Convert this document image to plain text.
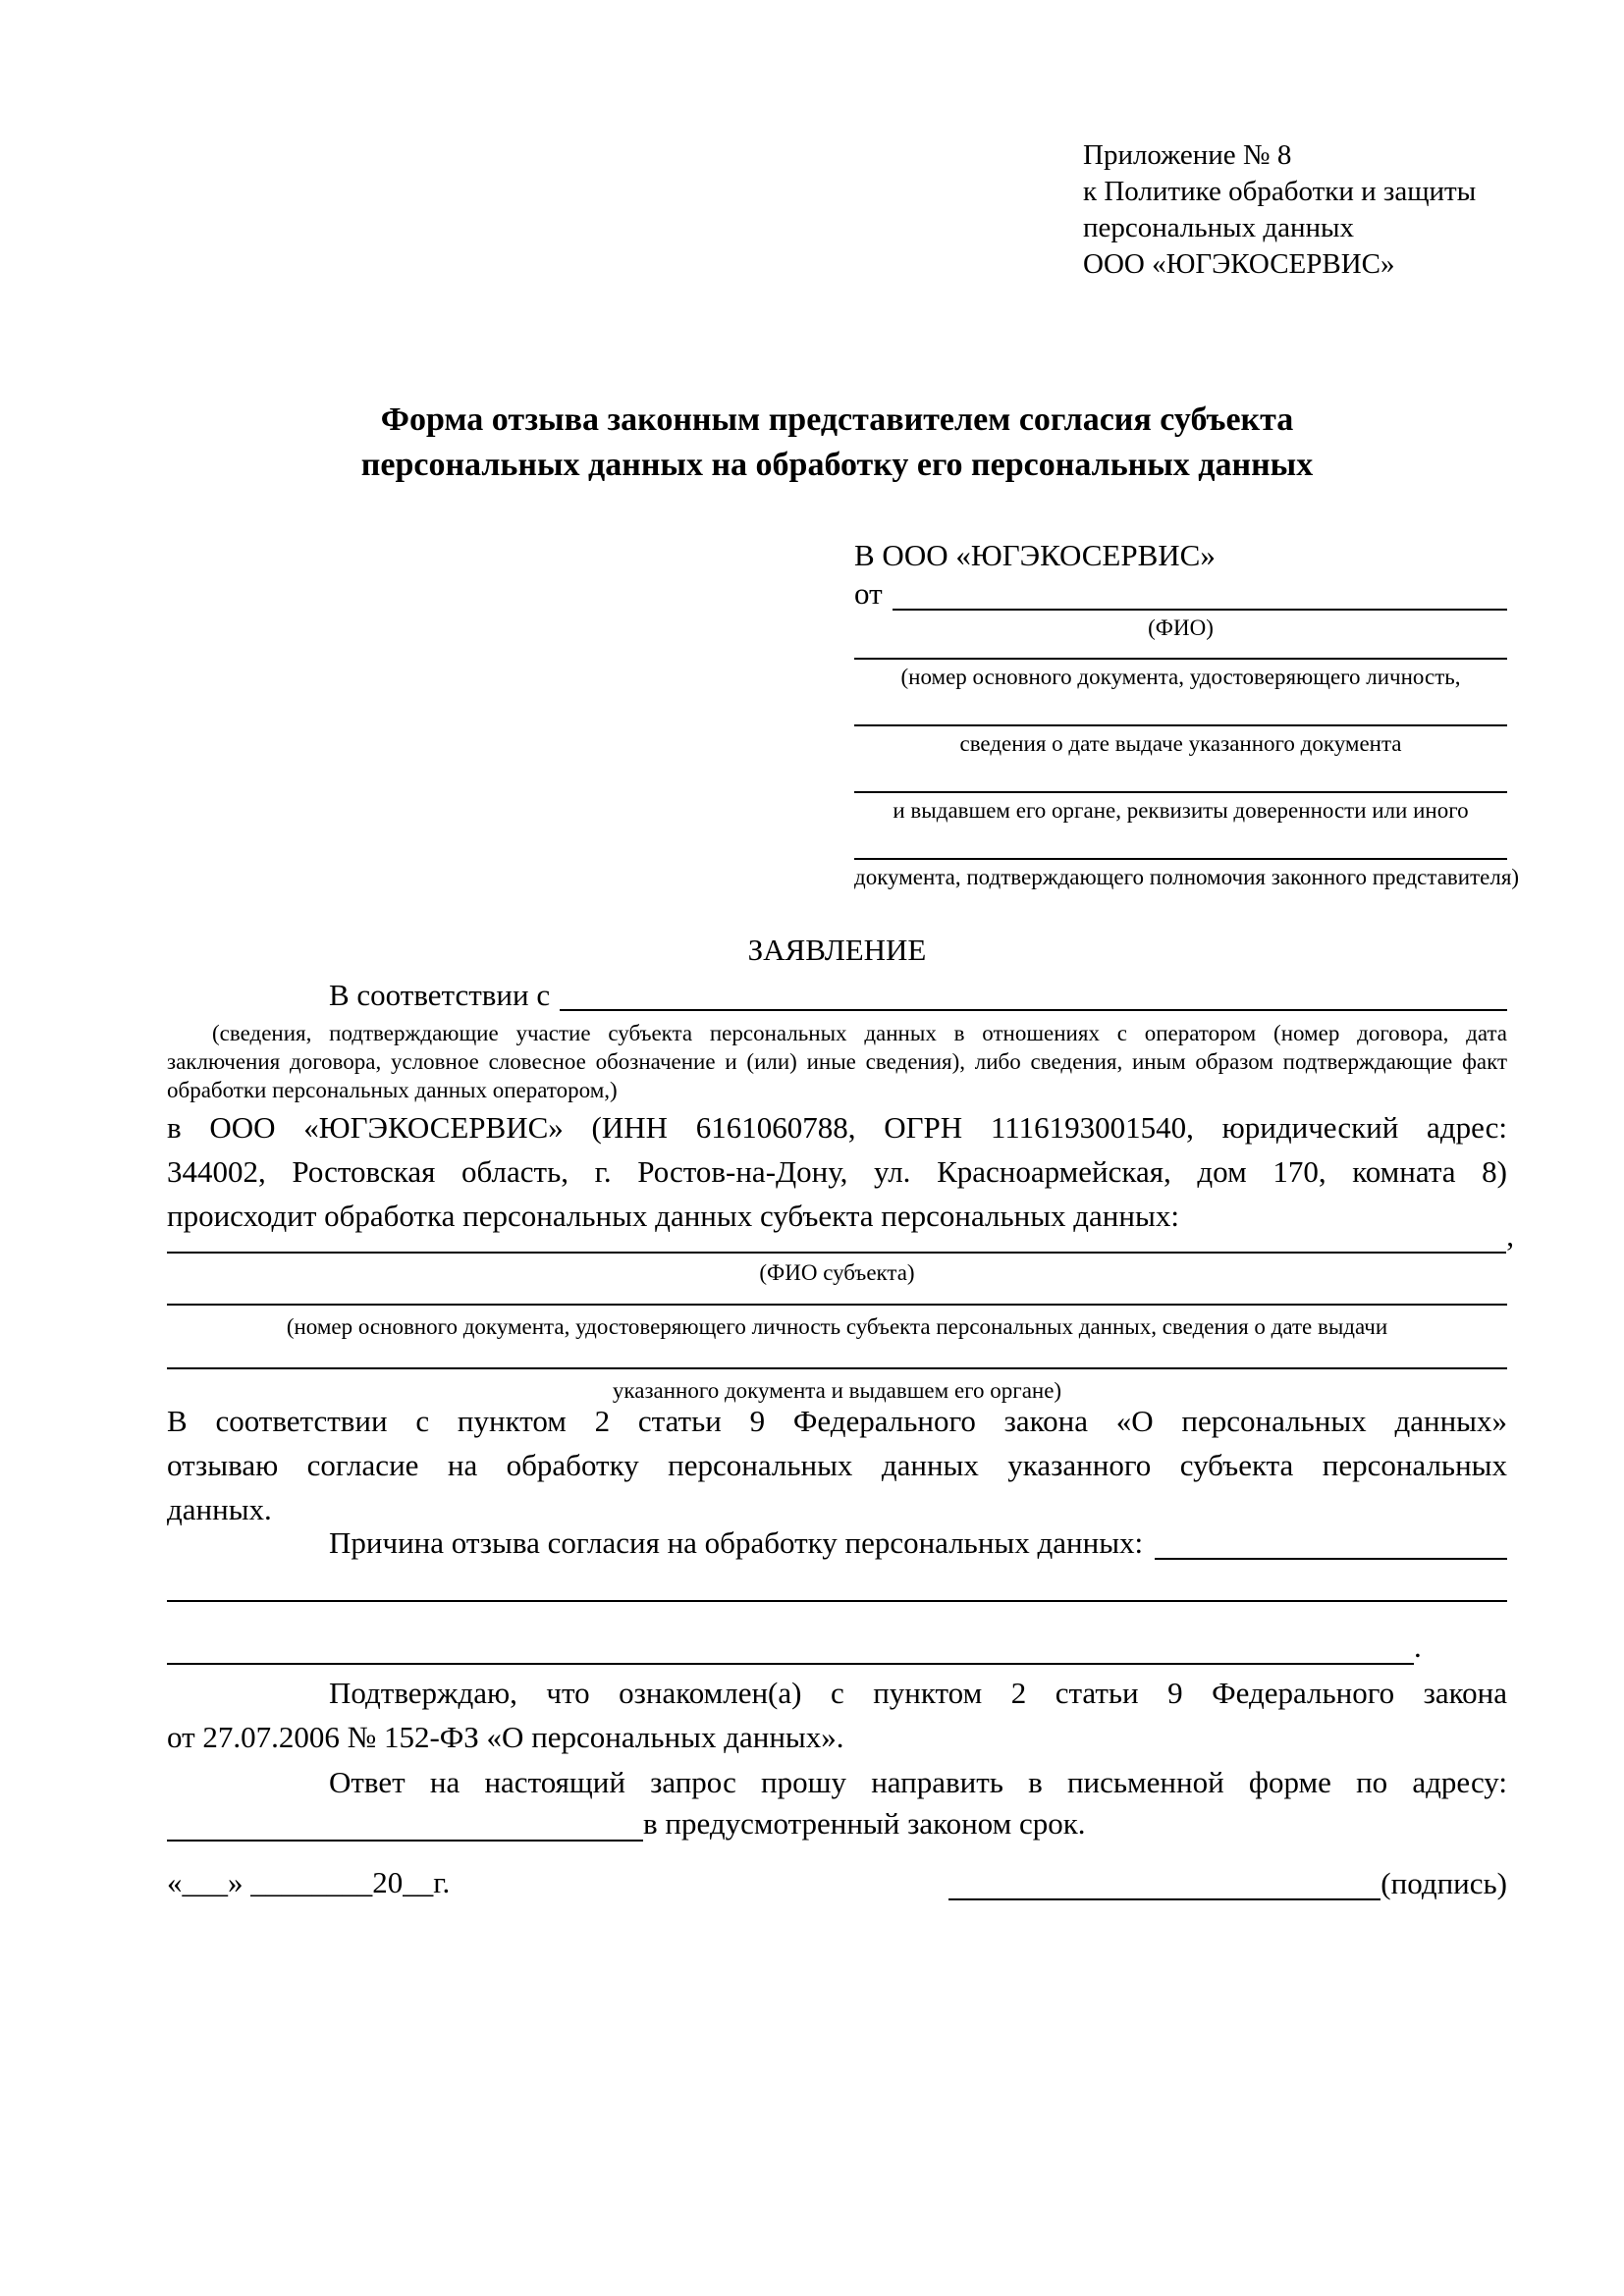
Приложение № 8
к Политике обработки и защиты
персональных данных
ООО «ЮГЭКОСЕРВИС»
Форма отзыва законным представителем согласия субъекта
персональных данных на обработку его персональных данных
В ООО «ЮГЭКОСЕРВИС»
от
(ФИО)
(номер основного документа, удостоверяющего личность,
сведения о дате выдаче указанного документа
и выдавшем его органе, реквизиты доверенности или иного
документа, подтверждающего полномочия законного представителя)
ЗАЯВЛЕНИЕ
В соответствии с
(сведения, подтверждающие участие субъекта персональных данных в отношениях с оператором (номер договора, дата
заключения договора, условное словесное обозначение и (или) иные сведения), либо сведения, иным образом подтверждающие факт
обработки персональных данных оператором,)
в ООО «ЮГЭКОСЕРВИС» (ИНН 6161060788, ОГРН 1116193001540, юридический адрес:
344002, Ростовская область, г. Ростов-на-Дону, ул. Красноармейская, дом 170, комната 8)
происходит обработка персональных данных субъекта персональных данных:
,
(ФИО субъекта)
(номер основного документа, удостоверяющего личность субъекта персональных данных, сведения о дате выдачи
указанного документа и выдавшем его органе)
В соответствии с пунктом 2 статьи 9 Федерального закона «О персональных данных»
отзываю согласие на обработку персональных данных указанного субъекта персональных
данных.
Причина отзыва согласия на обработку персональных данных:
.
Подтверждаю, что ознакомлен(а) с пунктом 2 статьи 9 Федерального закона
от 27.07.2006 № 152-ФЗ «О персональных данных».
Ответ на настоящий запрос прошу направить в письменной форме по адресу:
в предусмотренный законом срок.
«___» ________20__г.	(подпись)
